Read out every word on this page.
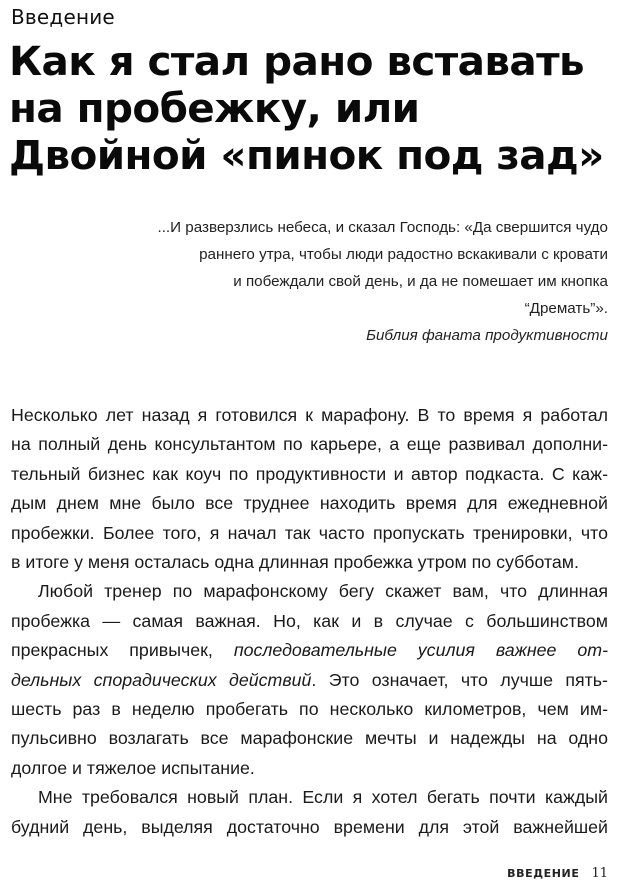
Введение
Как я стал рано вставать
на пробежку, или
Двойной «пинок под зад»
...И разверзлись небеса, и сказал Господь: «Да свершится чудо
раннего утра, чтобы люди радостно вскакивали с кровати
и побеждали свой день, и да не помешает им кнопка
“Дремать”».
Библия фаната продуктивности

Несколько лет назад я готовился к марафону. В то время я работал
на полный день консультантом по карьере, а еще развивал дополни-
тельный бизнес как коуч по продуктивности и автор подкаста. С каж-
дым днем мне было все труднее находить время для ежедневной
пробежки. Более того, я начал так часто пропускать тренировки, что
в итоге у меня осталась одна длинная пробежка утром по субботам.

Любой тренер по марафонскому бегу скажет вам, что длинная
пробежка — самая важная. Но, как и в случае с большинством
прекрасных привычек, последовательные усилия важнее от-
дельных спорадических действий. Это означает, что лучше пять-
шесть раз в неделю пробегать по несколько километров, чем им-
пульсивно возлагать все марафонские мечты и надежды на одно
долгое и тяжелое испытание.

Мне требовался новый план. Если я хотел бегать почти каждый
будний день, выделяя достаточно времени для этой важнейшей

ВВЕДЕНИЕ 11
